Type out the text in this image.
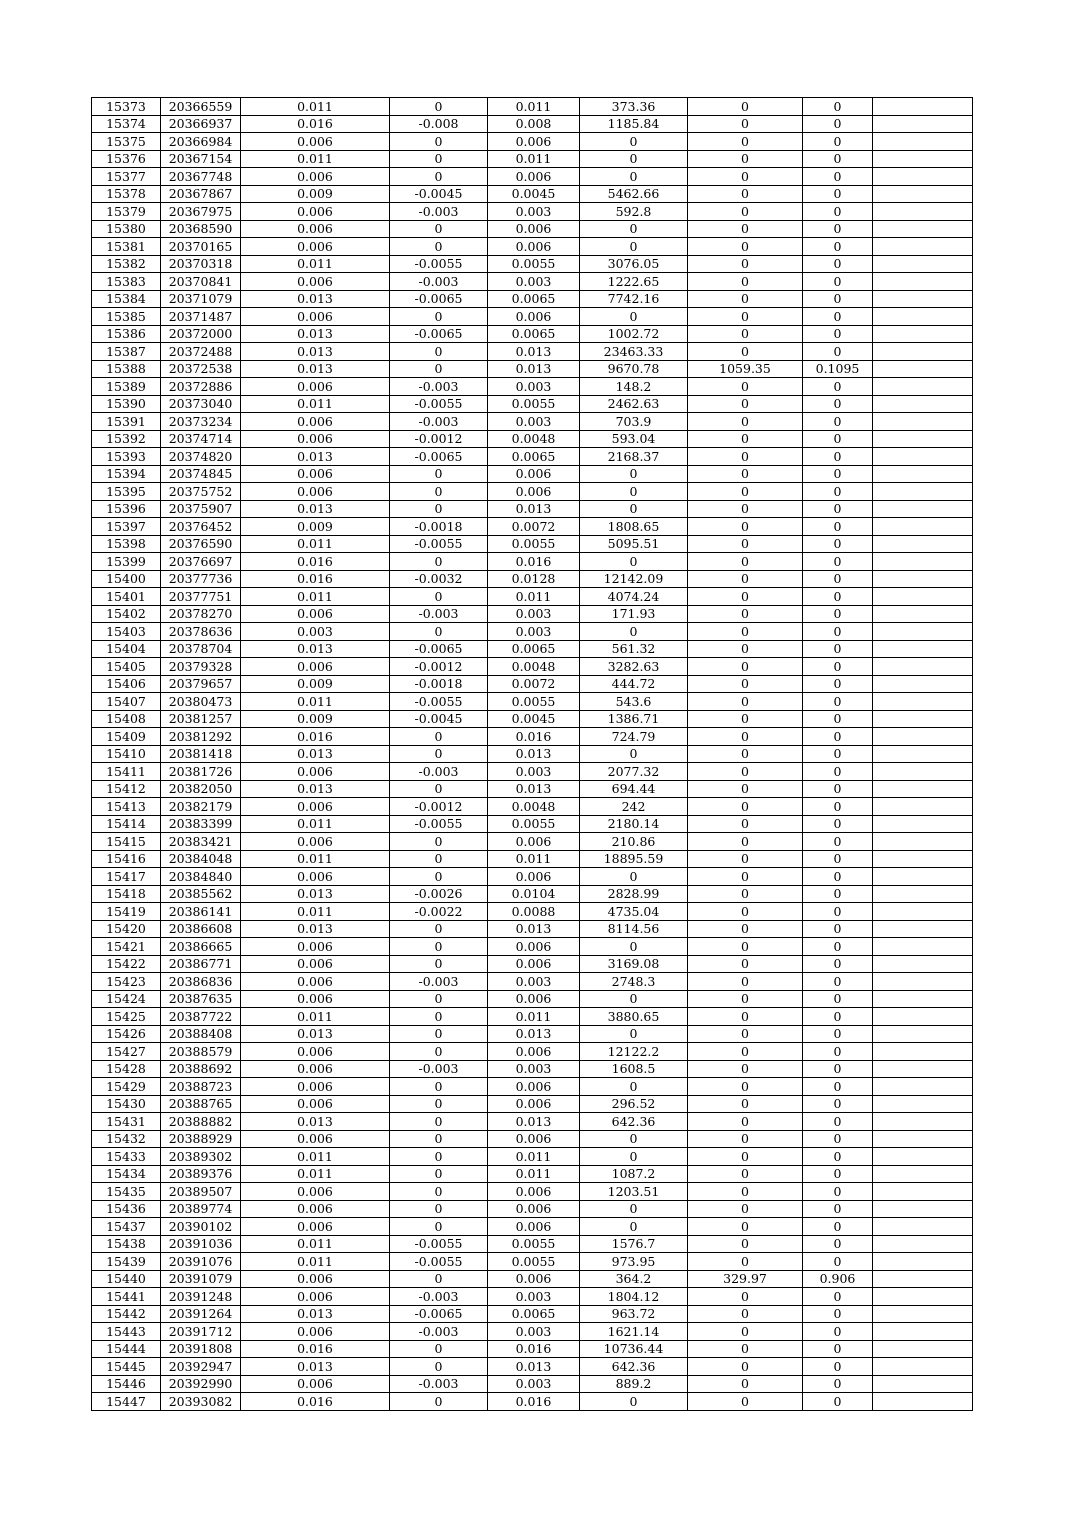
15373	20366559	0.011	0	0.011	373.36	0	0	
15374	20366937	0.016	-0.008	0.008	1185.84	0	0	
15375	20366984	0.006	0	0.006	0	0	0	
15376	20367154	0.011	0	0.011	0	0	0	
15377	20367748	0.006	0	0.006	0	0	0	
15378	20367867	0.009	-0.0045	0.0045	5462.66	0	0	
15379	20367975	0.006	-0.003	0.003	592.8	0	0	
15380	20368590	0.006	0	0.006	0	0	0	
15381	20370165	0.006	0	0.006	0	0	0	
15382	20370318	0.011	-0.0055	0.0055	3076.05	0	0	
15383	20370841	0.006	-0.003	0.003	1222.65	0	0	
15384	20371079	0.013	-0.0065	0.0065	7742.16	0	0	
15385	20371487	0.006	0	0.006	0	0	0	
15386	20372000	0.013	-0.0065	0.0065	1002.72	0	0	
15387	20372488	0.013	0	0.013	23463.33	0	0	
15388	20372538	0.013	0	0.013	9670.78	1059.35	0.1095	
15389	20372886	0.006	-0.003	0.003	148.2	0	0	
15390	20373040	0.011	-0.0055	0.0055	2462.63	0	0	
15391	20373234	0.006	-0.003	0.003	703.9	0	0	
15392	20374714	0.006	-0.0012	0.0048	593.04	0	0	
15393	20374820	0.013	-0.0065	0.0065	2168.37	0	0	
15394	20374845	0.006	0	0.006	0	0	0	
15395	20375752	0.006	0	0.006	0	0	0	
15396	20375907	0.013	0	0.013	0	0	0	
15397	20376452	0.009	-0.0018	0.0072	1808.65	0	0	
15398	20376590	0.011	-0.0055	0.0055	5095.51	0	0	
15399	20376697	0.016	0	0.016	0	0	0	
15400	20377736	0.016	-0.0032	0.0128	12142.09	0	0	
15401	20377751	0.011	0	0.011	4074.24	0	0	
15402	20378270	0.006	-0.003	0.003	171.93	0	0	
15403	20378636	0.003	0	0.003	0	0	0	
15404	20378704	0.013	-0.0065	0.0065	561.32	0	0	
15405	20379328	0.006	-0.0012	0.0048	3282.63	0	0	
15406	20379657	0.009	-0.0018	0.0072	444.72	0	0	
15407	20380473	0.011	-0.0055	0.0055	543.6	0	0	
15408	20381257	0.009	-0.0045	0.0045	1386.71	0	0	
15409	20381292	0.016	0	0.016	724.79	0	0	
15410	20381418	0.013	0	0.013	0	0	0	
15411	20381726	0.006	-0.003	0.003	2077.32	0	0	
15412	20382050	0.013	0	0.013	694.44	0	0	
15413	20382179	0.006	-0.0012	0.0048	242	0	0	
15414	20383399	0.011	-0.0055	0.0055	2180.14	0	0	
15415	20383421	0.006	0	0.006	210.86	0	0	
15416	20384048	0.011	0	0.011	18895.59	0	0	
15417	20384840	0.006	0	0.006	0	0	0	
15418	20385562	0.013	-0.0026	0.0104	2828.99	0	0	
15419	20386141	0.011	-0.0022	0.0088	4735.04	0	0	
15420	20386608	0.013	0	0.013	8114.56	0	0	
15421	20386665	0.006	0	0.006	0	0	0	
15422	20386771	0.006	0	0.006	3169.08	0	0	
15423	20386836	0.006	-0.003	0.003	2748.3	0	0	
15424	20387635	0.006	0	0.006	0	0	0	
15425	20387722	0.011	0	0.011	3880.65	0	0	
15426	20388408	0.013	0	0.013	0	0	0	
15427	20388579	0.006	0	0.006	12122.2	0	0	
15428	20388692	0.006	-0.003	0.003	1608.5	0	0	
15429	20388723	0.006	0	0.006	0	0	0	
15430	20388765	0.006	0	0.006	296.52	0	0	
15431	20388882	0.013	0	0.013	642.36	0	0	
15432	20388929	0.006	0	0.006	0	0	0	
15433	20389302	0.011	0	0.011	0	0	0	
15434	20389376	0.011	0	0.011	1087.2	0	0	
15435	20389507	0.006	0	0.006	1203.51	0	0	
15436	20389774	0.006	0	0.006	0	0	0	
15437	20390102	0.006	0	0.006	0	0	0	
15438	20391036	0.011	-0.0055	0.0055	1576.7	0	0	
15439	20391076	0.011	-0.0055	0.0055	973.95	0	0	
15440	20391079	0.006	0	0.006	364.2	329.97	0.906	
15441	20391248	0.006	-0.003	0.003	1804.12	0	0	
15442	20391264	0.013	-0.0065	0.0065	963.72	0	0	
15443	20391712	0.006	-0.003	0.003	1621.14	0	0	
15444	20391808	0.016	0	0.016	10736.44	0	0	
15445	20392947	0.013	0	0.013	642.36	0	0	
15446	20392990	0.006	-0.003	0.003	889.2	0	0	
15447	20393082	0.016	0	0.016	0	0	0	
